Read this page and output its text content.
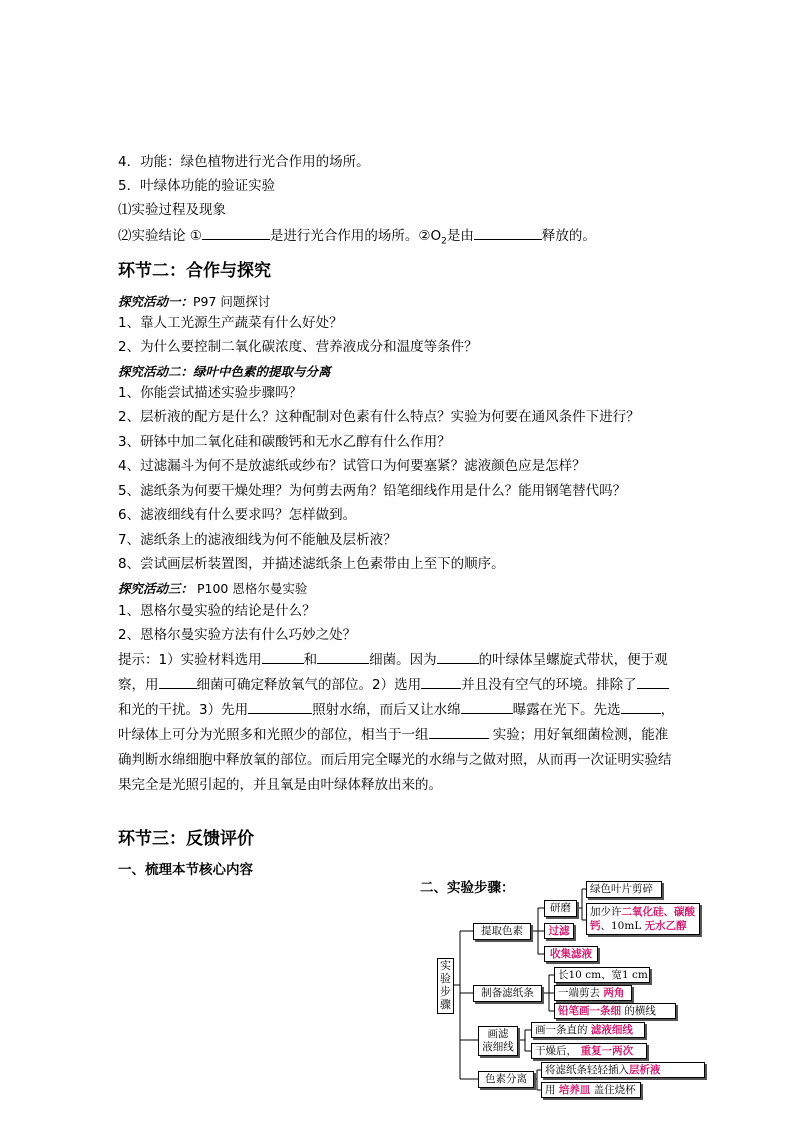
4．功能：绿色植物进行光合作用的场所。
5．叶绿体功能的验证实验
⑴实验过程及现象
⑵实验结论 ①	是进行光合作用的场所。$②O_2$是由	释放的。
环节二：合作与探究
探究活动一：P97 问题探讨
1、靠人工光源生产蔬菜有什么好处？
2、为什么要控制二氧化碳浓度、营养液成分和温度等条件？
探究活动二：绿叶中色素的提取与分离
1、你能尝试描述实验步骤吗？
2、层析液的配方是什么？这种配制对色素有什么特点？实验为何要在通风条件下进行？
3、研钵中加二氧化硅和碳酸钙和无水乙醇有什么作用？
4、过滤漏斗为何不是放滤纸或纱布？试管口为何要塞紧？滤液颜色应是怎样？
5、滤纸条为何要干燥处理？为何剪去两角？铅笔细线作用是什么？能用钢笔替代吗？
6、滤液细线有什么要求吗？怎样做到。
7、滤纸条上的滤液细线为何不能触及层析液？
8、尝试画层析装置图，并描述滤纸条上色素带由上至下的顺序。
探究活动三： P100 恩格尔曼实验
1、恩格尔曼实验的结论是什么？
2、恩格尔曼实验方法有什么巧妙之处？
提示：1）实验材料选用	和	细菌。因为	的叶绿体呈螺旋式带状，便于观察，用	细菌可确定释放氧气的部位。2）选用	并且没有空气的环境。排除了和光的干扰。3）先用	照射水绵，而后又让水绵	曝露在光下。先选	，叶绿体上可分为光照多和光照少的部位，相当于一组	实验；用好氧细菌检测，能准确判断水绵细胞中释放氧的部位。而后用完全曝光的水绵与之做对照，从而再一次证明实验结果完全是光照引起的，并且氧是由叶绿体释放出来的。
环节三：反馈评价
一、梳理本节核心内容
二、实验步骤：
实
验
步
骤
提取色素
研磨
绿色叶片剪碎
加少许二氧化硅、碳酸
钙、10mL 无水乙醇
过滤
收集滤液
制备滤纸条
长10 cm、宽1 cm
一端剪去 两角
铅笔画一条细 的横线
画滤
液细线
画一条直的 滤液细线
干燥后， 重复一两次
色素分离
将滤纸条轻轻插入层析液
用 培养皿 盖住烧杯
